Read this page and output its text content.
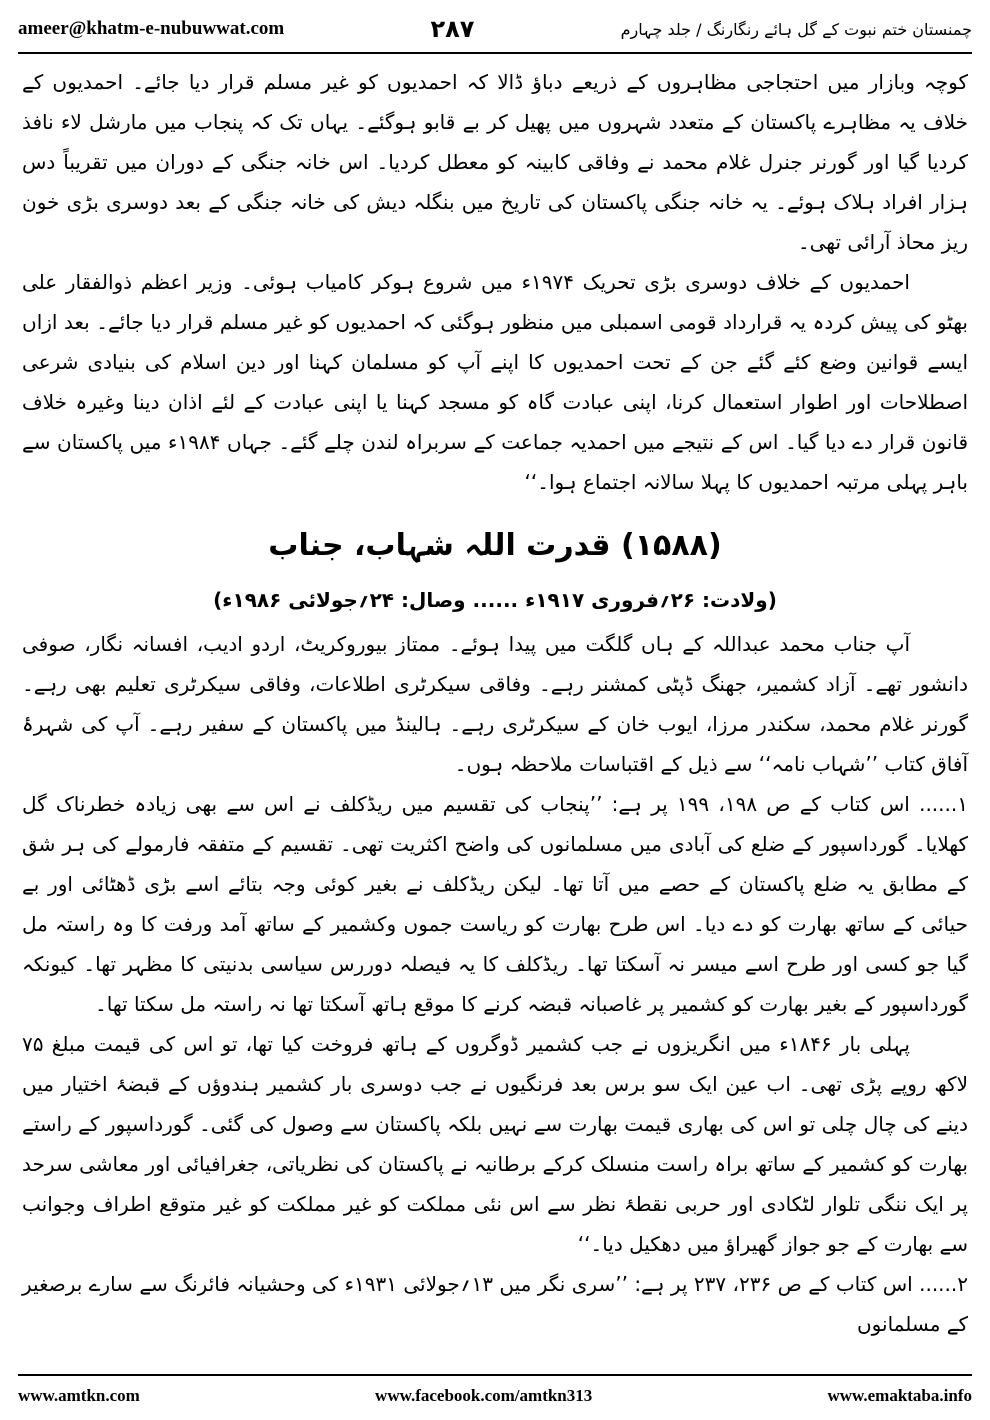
ameer@khatm-e-nubuwwat.com	۲۸۷	چمنستان ختم نبوت کے گل ہائے رنگارنگ / جلد چہارم

کوچہ وبازار میں احتجاجی مظاہروں کے ذریعے دباؤ ڈالا کہ احمدیوں کو غیر مسلم قرار دیا جائے۔ احمدیوں کے خلاف یہ مظاہرے پاکستان کے متعدد شہروں میں پھیل کر بے قابو ہوگئے۔ یہاں تک کہ پنجاب میں مارشل لاء نافذ کردیا گیا اور گورنر جنرل غلام محمد نے وفاقی کابینہ کو معطل کردیا۔ اس خانہ جنگی کے دوران میں تقریباً دس ہزار افراد ہلاک ہوئے۔ یہ خانہ جنگی پاکستان کی تاریخ میں بنگلہ دیش کی خانہ جنگی کے بعد دوسری بڑی خون ریز محاذ آرائی تھی۔

احمدیوں کے خلاف دوسری بڑی تحریک ۱۹۷۴ء میں شروع ہوکر کامیاب ہوئی۔ وزیر اعظم ذوالفقار علی بھٹو کی پیش کردہ یہ قرارداد قومی اسمبلی میں منظور ہوگئی کہ احمدیوں کو غیر مسلم قرار دیا جائے۔ بعد ازاں ایسے قوانین وضع کئے گئے جن کے تحت احمدیوں کا اپنے آپ کو مسلمان کہنا اور دین اسلام کی بنیادی شرعی اصطلاحات اور اطوار استعمال کرنا، اپنی عبادت گاہ کو مسجد کہنا یا اپنی عبادت کے لئے اذان دینا وغیرہ خلاف قانون قرار دے دیا گیا۔ اس کے نتیجے میں احمدیہ جماعت کے سربراہ لندن چلے گئے۔ جہاں ۱۹۸۴ء میں پاکستان سے باہر پہلی مرتبہ احمدیوں کا پہلا سالانہ اجتماع ہوا۔‘‘

(۱۵۸۸) قدرت اللہ شہاب، جناب
(ولادت: ۲۶؍فروری ۱۹۱۷ء ...... وصال: ۲۴؍جولائی ۱۹۸۶ء)

آپ جناب محمد عبداللہ کے ہاں گلگت میں پیدا ہوئے۔ ممتاز بیوروکریٹ، اردو ادیب، افسانہ نگار، صوفی دانشور تھے۔ آزاد کشمیر، جھنگ ڈپٹی کمشنر رہے۔ وفاقی سیکرٹری اطلاعات، وفاقی سیکرٹری تعلیم بھی رہے۔ گورنر غلام محمد، سکندر مرزا، ایوب خان کے سیکرٹری رہے۔ ہالینڈ میں پاکستان کے سفیر رہے۔ آپ کی شہرۂ آفاق کتاب ’’شہاب نامہ‘‘ سے ذیل کے اقتباسات ملاحظہ ہوں۔

۱...... اس کتاب کے ص ۱۹۸، ۱۹۹ پر ہے: ’’پنجاب کی تقسیم میں ریڈکلف نے اس سے بھی زیادہ خطرناک گل کھلایا۔ گورداسپور کے ضلع کی آبادی میں مسلمانوں کی واضح اکثریت تھی۔ تقسیم کے متفقہ فارمولے کی ہر شق کے مطابق یہ ضلع پاکستان کے حصے میں آتا تھا۔ لیکن ریڈکلف نے بغیر کوئی وجہ بتائے اسے بڑی ڈھٹائی اور بے حیائی کے ساتھ بھارت کو دے دیا۔ اس طرح بھارت کو ریاست جموں وکشمیر کے ساتھ آمد ورفت کا وہ راستہ مل گیا جو کسی اور طرح اسے میسر نہ آسکتا تھا۔ ریڈکلف کا یہ فیصلہ دوررس سیاسی بدنیتی کا مظہر تھا۔ کیونکہ گورداسپور کے بغیر بھارت کو کشمیر پر غاصبانہ قبضہ کرنے کا موقع ہاتھ آسکتا تھا نہ راستہ مل سکتا تھا۔

پہلی بار ۱۸۴۶ء میں انگریزوں نے جب کشمیر ڈوگروں کے ہاتھ فروخت کیا تھا، تو اس کی قیمت مبلغ ۷۵ لاکھ روپے پڑی تھی۔ اب عین ایک سو برس بعد فرنگیوں نے جب دوسری بار کشمیر ہندوؤں کے قبضۂ اختیار میں دینے کی چال چلی تو اس کی بھاری قیمت بھارت سے نہیں بلکہ پاکستان سے وصول کی گئی۔ گورداسپور کے راستے بھارت کو کشمیر کے ساتھ براہ راست منسلک کرکے برطانیہ نے پاکستان کی نظریاتی، جغرافیائی اور معاشی سرحد پر ایک ننگی تلوار لٹکادی اور حربی نقطۂ نظر سے اس نئی مملکت کو غیر مملکت کو غیر متوقع اطراف وجوانب سے بھارت کے جو جواز گھیراؤ میں دھکیل دیا۔‘‘

۲...... اس کتاب کے ص ۲۳۶، ۲۳۷ پر ہے: ’’سری نگر میں ۱۳؍جولائی ۱۹۳۱ء کی وحشیانہ فائرنگ سے سارے برصغیر کے مسلمانوں

www.amtkn.com	www.facebook.com/amtkn313	www.emaktaba.info
